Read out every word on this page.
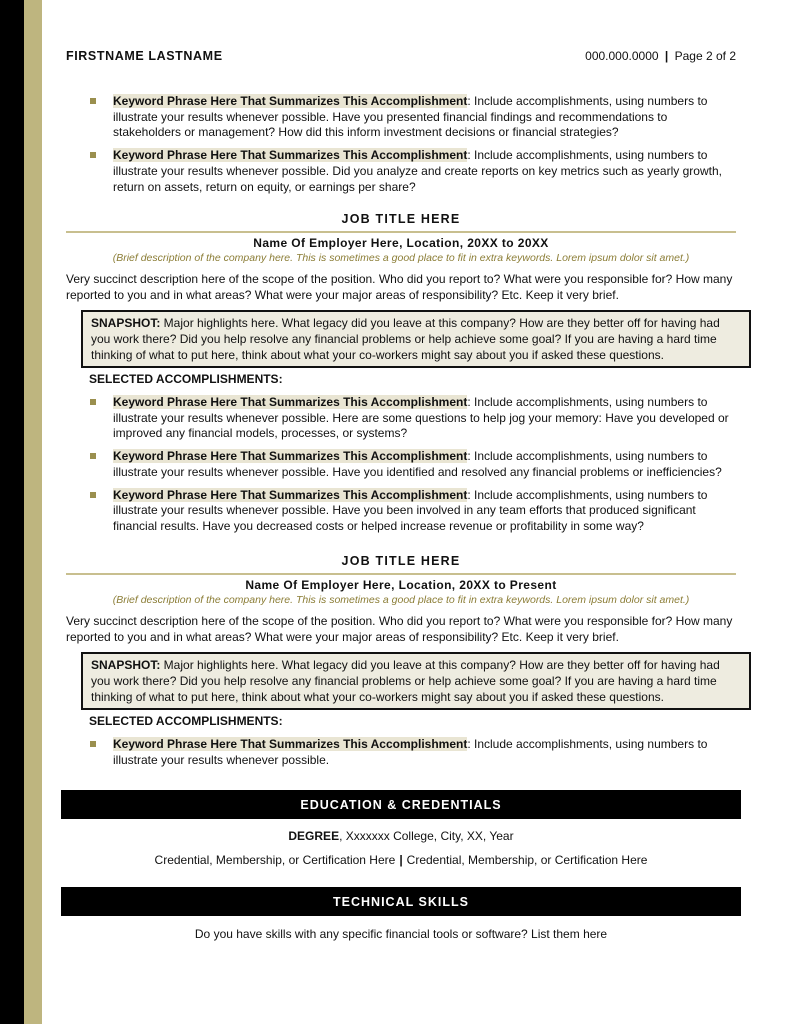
FIRSTNAME LASTNAME	000.000.0000 | Page 2 of 2
Keyword Phrase Here That Summarizes This Accomplishment: Include accomplishments, using numbers to illustrate your results whenever possible. Have you presented financial findings and recommendations to stakeholders or management? How did this inform investment decisions or financial strategies?
Keyword Phrase Here That Summarizes This Accomplishment: Include accomplishments, using numbers to illustrate your results whenever possible. Did you analyze and create reports on key metrics such as yearly growth, return on assets, return on equity, or earnings per share?
JOB TITLE HERE
Name Of Employer Here, Location, 20XX to 20XX
(Brief description of the company here. This is sometimes a good place to fit in extra keywords. Lorem ipsum dolor sit amet.)
Very succinct description here of the scope of the position. Who did you report to? What were you responsible for? How many reported to you and in what areas? What were your major areas of responsibility? Etc. Keep it very brief.
SNAPSHOT: Major highlights here. What legacy did you leave at this company? How are they better off for having had you work there? Did you help resolve any financial problems or help achieve some goal? If you are having a hard time thinking of what to put here, think about what your co-workers might say about you if asked these questions.
SELECTED ACCOMPLISHMENTS:
Keyword Phrase Here That Summarizes This Accomplishment: Include accomplishments, using numbers to illustrate your results whenever possible. Here are some questions to help jog your memory: Have you developed or improved any financial models, processes, or systems?
Keyword Phrase Here That Summarizes This Accomplishment: Include accomplishments, using numbers to illustrate your results whenever possible. Have you identified and resolved any financial problems or inefficiencies?
Keyword Phrase Here That Summarizes This Accomplishment: Include accomplishments, using numbers to illustrate your results whenever possible. Have you been involved in any team efforts that produced significant financial results. Have you decreased costs or helped increase revenue or profitability in some way?
JOB TITLE HERE
Name Of Employer Here, Location, 20XX to Present
(Brief description of the company here. This is sometimes a good place to fit in extra keywords. Lorem ipsum dolor sit amet.)
Very succinct description here of the scope of the position. Who did you report to? What were you responsible for? How many reported to you and in what areas? What were your major areas of responsibility? Etc. Keep it very brief.
SNAPSHOT: Major highlights here. What legacy did you leave at this company? How are they better off for having had you work there? Did you help resolve any financial problems or help achieve some goal? If you are having a hard time thinking of what to put here, think about what your co-workers might say about you if asked these questions.
SELECTED ACCOMPLISHMENTS:
Keyword Phrase Here That Summarizes This Accomplishment: Include accomplishments, using numbers to illustrate your results whenever possible.
EDUCATION & CREDENTIALS
DEGREE, Xxxxxxx College, City, XX, Year
Credential, Membership, or Certification Here | Credential, Membership, or Certification Here
TECHNICAL SKILLS
Do you have skills with any specific financial tools or software? List them here
